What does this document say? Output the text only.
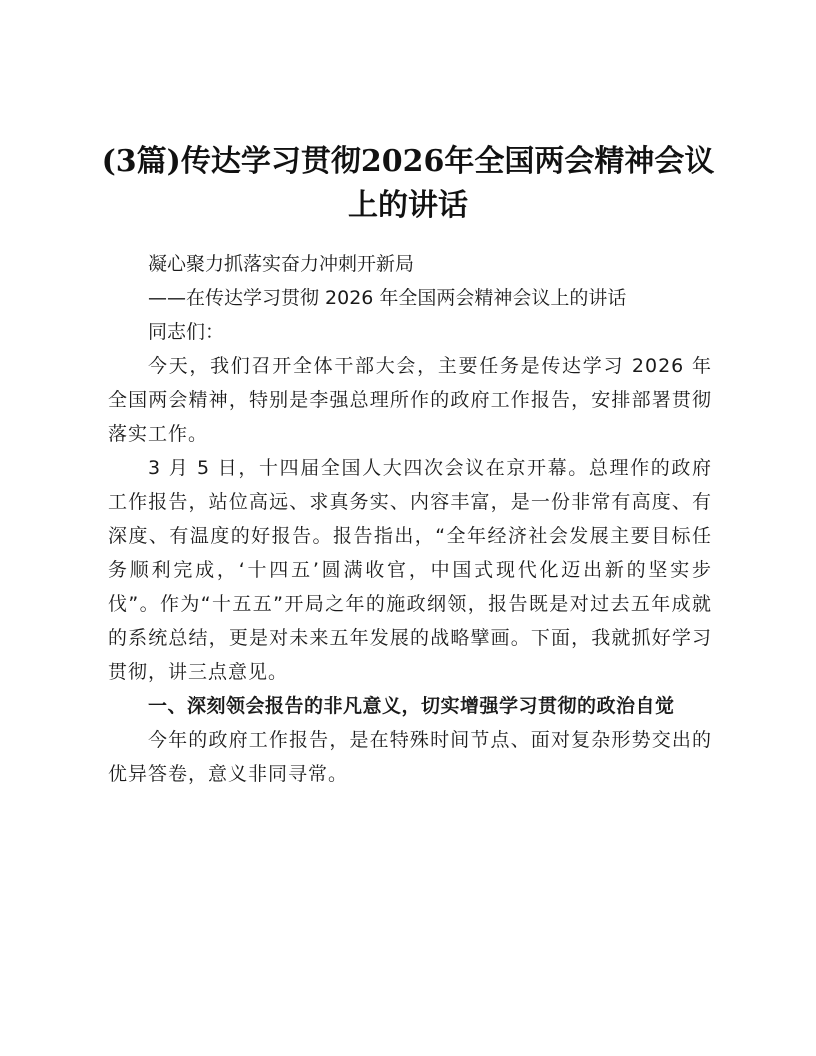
(3篇)传达学习贯彻2026年全国两会精神会议上的讲话

凝心聚力抓落实奋力冲刺开新局

——在传达学习贯彻 2026 年全国两会精神会议上的讲话

同志们：

今天，我们召开全体干部大会，主要任务是传达学习 2026 年全国两会精神，特别是李强总理所作的政府工作报告，安排部署贯彻落实工作。

3 月 5 日，十四届全国人大四次会议在京开幕。总理作的政府工作报告，站位高远、求真务实、内容丰富，是一份非常有高度、有深度、有温度的好报告。报告指出，“全年经济社会发展主要目标任务顺利完成，‘十四五’圆满收官，中国式现代化迈出新的坚实步伐”。作为“十五五”开局之年的施政纲领，报告既是对过去五年成就的系统总结，更是对未来五年发展的战略擘画。下面，我就抓好学习贯彻，讲三点意见。

一、深刻领会报告的非凡意义，切实增强学习贯彻的政治自觉

今年的政府工作报告，是在特殊时间节点、面对复杂形势交出的优异答卷，意义非同寻常。
